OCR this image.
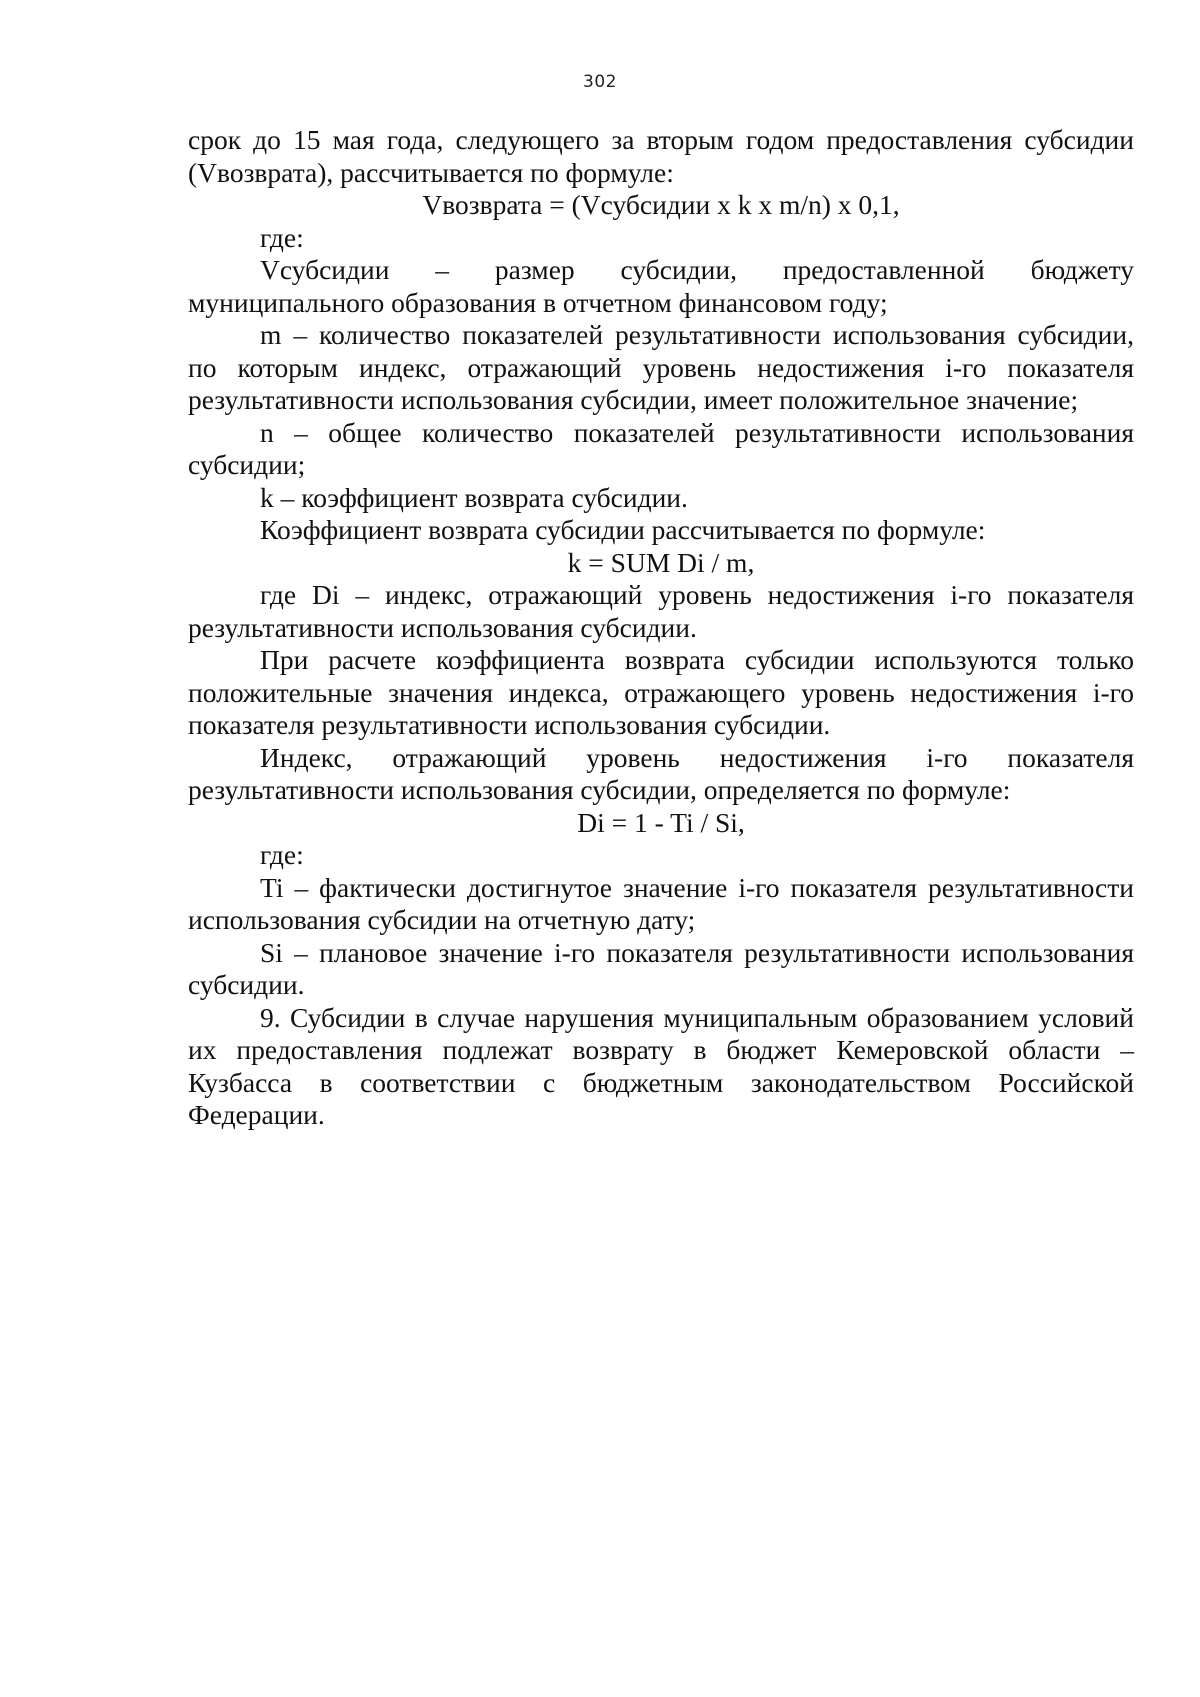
302

срок до 15 мая года, следующего за вторым годом предоставления субсидии (Vвозврата), рассчитывается по формуле:

Vвозврата = (Vсубсидии x k x m/n) x 0,1,

где:

Vсубсидии – размер субсидии, предоставленной бюджету муниципального образования в отчетном финансовом году;

m – количество показателей результативности использования субсидии, по которым индекс, отражающий уровень недостижения i-го показателя результативности использования субсидии, имеет положительное значение;

n – общее количество показателей результативности использования субсидии;

k – коэффициент возврата субсидии.

Коэффициент возврата субсидии рассчитывается по формуле:

k = SUM Di / m,

где Di – индекс, отражающий уровень недостижения i-го показателя результативности использования субсидии.

При расчете коэффициента возврата субсидии используются только положительные значения индекса, отражающего уровень недостижения i-го показателя результативности использования субсидии.

Индекс, отражающий уровень недостижения i-го показателя результативности использования субсидии, определяется по формуле:

Di = 1 - Ti / Si,

где:

Ti – фактически достигнутое значение i-го показателя результативности использования субсидии на отчетную дату;

Si – плановое значение i-го показателя результативности использования субсидии.

9. Субсидии в случае нарушения муниципальным образованием условий их предоставления подлежат возврату в бюджет Кемеровской области – Кузбасса в соответствии с бюджетным законодательством Российской Федерации.
